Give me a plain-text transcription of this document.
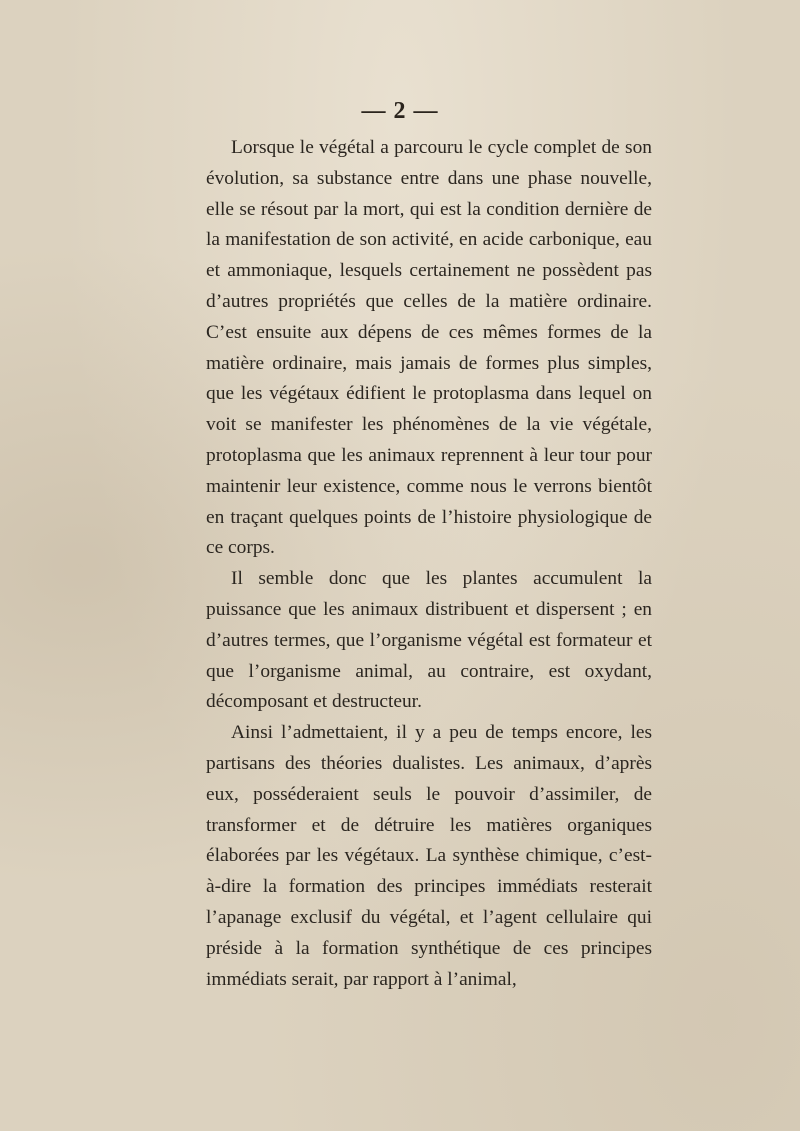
— 2 —

Lorsque le végétal a parcouru le cycle complet de son évolution, sa substance entre dans une phase nouvelle, elle se résout par la mort, qui est la condition dernière de la manifestation de son activité, en acide carbonique, eau et ammoniaque, lesquels certainement ne possèdent pas d’autres propriétés que celles de la matière ordinaire. C’est ensuite aux dépens de ces mêmes formes de la matière ordinaire, mais jamais de formes plus simples, que les végétaux édifient le protoplasma dans lequel on voit se manifester les phénomènes de la vie végétale, protoplasma que les animaux reprennent à leur tour pour maintenir leur existence, comme nous le verrons bientôt en traçant quelques points de l’histoire physiologique de ce corps.

Il semble donc que les plantes accumulent la puissance que les animaux distribuent et dispersent ; en d’autres termes, que l’organisme végétal est formateur et que l’organisme animal, au contraire, est oxydant, décomposant et destructeur.

Ainsi l’admettaient, il y a peu de temps encore, les partisans des théories dualistes. Les animaux, d’après eux, posséderaient seuls le pouvoir d’assimiler, de transformer et de détruire les matières organiques élaborées par les végétaux. La synthèse chimique, c’est-à-dire la formation des principes immédiats resterait l’apanage exclusif du végétal, et l’agent cellulaire qui préside à la formation synthétique de ces principes immédiats serait, par rapport à l’animal,
